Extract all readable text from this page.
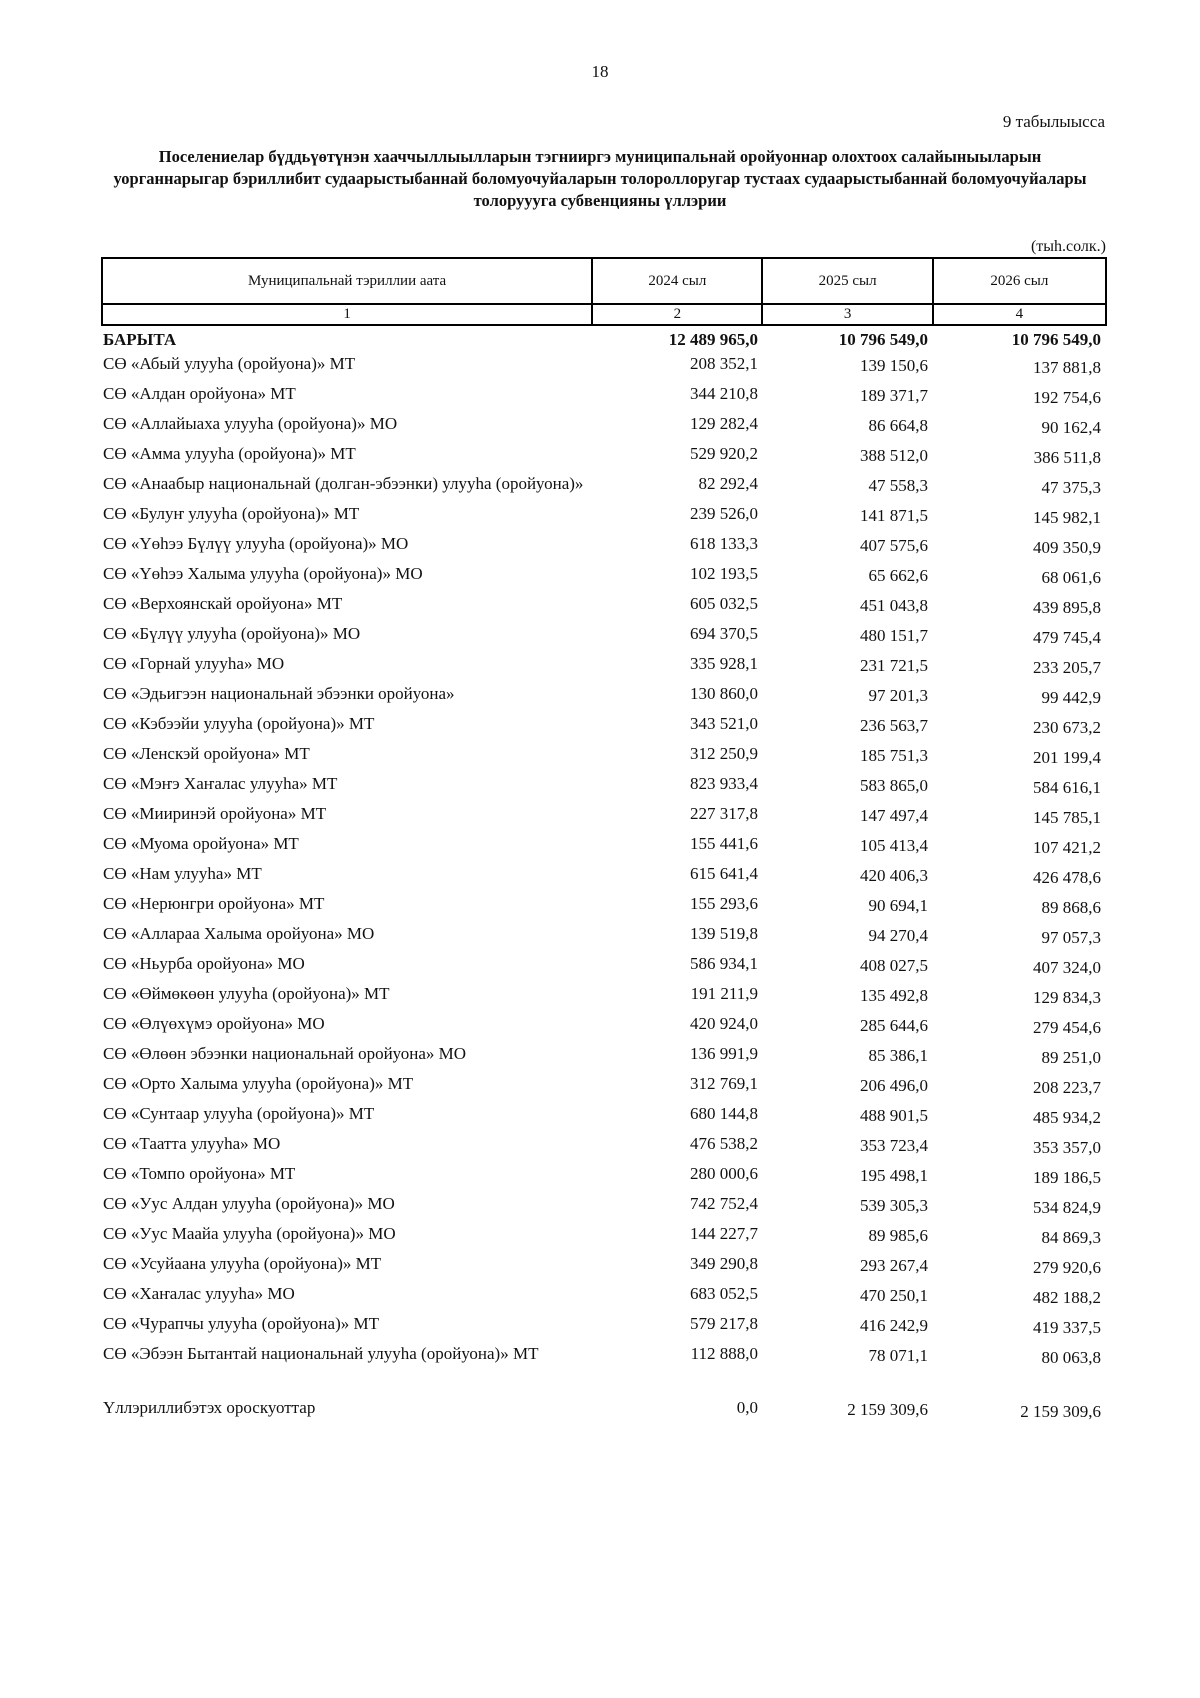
18
9 табылыысса
Поселениелар бүддьүөтүнэн хааччыллыылларын тэгнииргэ муниципальнай оройуоннар олохтоох салайыныыларын уорганнарыгар бэриллибит судаарыстыбаннай боломуочуйаларын толороллоругар тустаах судаарыстыбаннай боломуочуйалары толоруууга субвенцияны үллэрии
(тыһ.солк.)
Муниципальнай тэриллии аата	2024 сыл	2025 сыл	2026 сыл
1	2	3	4
БАРЫТА	12 489 965,0	10 796 549,0	10 796 549,0
СӨ «Абый улууһа (оройуона)» МТ	208 352,1	139 150,6	137 881,8
СӨ «Алдан оройуона» МТ	344 210,8	189 371,7	192 754,6
СӨ «Аллайыаха улууһа (оройуона)» МО	129 282,4	86 664,8	90 162,4
СӨ «Амма улууһа (оройуона)» МТ	529 920,2	388 512,0	386 511,8
СӨ «Анаабыр национальнай (долган-эбээнки) улууһа (оройуона)»	82 292,4	47 558,3	47 375,3
СӨ «Булуҥ улууһа (оройуона)» МТ	239 526,0	141 871,5	145 982,1
СӨ «Үөһээ Бүлүү улууһа (оройуона)» МО	618 133,3	407 575,6	409 350,9
СӨ «Үөһээ Халыма улууһа (оройуона)» МО	102 193,5	65 662,6	68 061,6
СӨ «Верхоянскай оройуона» МТ	605 032,5	451 043,8	439 895,8
СӨ «Бүлүү улууһа (оройуона)» МО	694 370,5	480 151,7	479 745,4
СӨ «Горнай улууһа» МО	335 928,1	231 721,5	233 205,7
СӨ «Эдьигээн национальнай эбээнки оройуона»	130 860,0	97 201,3	99 442,9
СӨ «Кэбээйи улууһа (оройуона)» МТ	343 521,0	236 563,7	230 673,2
СӨ «Ленскэй оройуона» МТ	312 250,9	185 751,3	201 199,4
СӨ «Мэҥэ Хаҥалас улууһа» МТ	823 933,4	583 865,0	584 616,1
СӨ «Мииринэй оройуона» МТ	227 317,8	147 497,4	145 785,1
СӨ «Муома оройуона» МТ	155 441,6	105 413,4	107 421,2
СӨ «Нам улууһа» МТ	615 641,4	420 406,3	426 478,6
СӨ «Нерюнгри оройуона» МТ	155 293,6	90 694,1	89 868,6
СӨ «Аллараа Халыма оройуона» МО	139 519,8	94 270,4	97 057,3
СӨ «Ньурба оройуона» МО	586 934,1	408 027,5	407 324,0
СӨ «Өймөкөөн улууһа (оройуона)» МТ	191 211,9	135 492,8	129 834,3
СӨ «Өлүөхүмэ оройуона» МО	420 924,0	285 644,6	279 454,6
СӨ «Өлөөн эбээнки национальнай оройуона» МО	136 991,9	85 386,1	89 251,0
СӨ «Орто Халыма улууһа (оройуона)» МТ	312 769,1	206 496,0	208 223,7
СӨ «Сунтаар улууһа (оройуона)» МТ	680 144,8	488 901,5	485 934,2
СӨ «Таатта улууһа» МО	476 538,2	353 723,4	353 357,0
СӨ «Томпо оройуона» МТ	280 000,6	195 498,1	189 186,5
СӨ «Уус Алдан улууһа (оройуона)» МО	742 752,4	539 305,3	534 824,9
СӨ «Уус Маайа улууһа (оройуона)» МО	144 227,7	89 985,6	84 869,3
СӨ «Усуйаана улууһа (оройуона)» МТ	349 290,8	293 267,4	279 920,6
СӨ «Хаҥалас улууһа» МО	683 052,5	470 250,1	482 188,2
СӨ «Чурапчы улууһа (оройуона)» МТ	579 217,8	416 242,9	419 337,5
СӨ «Эбээн Бытантай национальнай улууһа (оройуона)» МТ	112 888,0	78 071,1	80 063,8
Үллэриллибэтэх ороскуоттар	0,0	2 159 309,6	2 159 309,6
